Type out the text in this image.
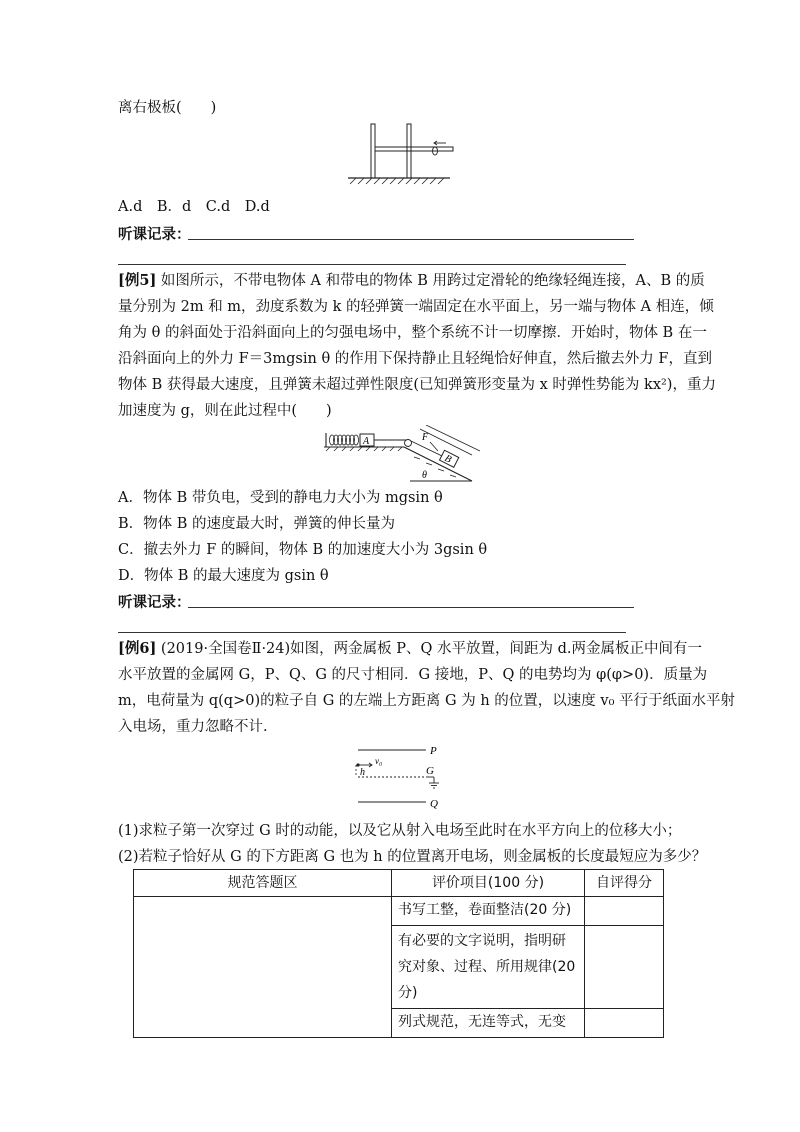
离右极板(　　)
A.d　B．d　C.d　D.d
听课记录：
[例5] 如图所示，不带电物体 A 和带电的物体 B 用跨过定滑轮的绝缘轻绳连接，A、B 的质
量分别为 2m 和 m，劲度系数为 k 的轻弹簧一端固定在水平面上，另一端与物体 A 相连，倾
角为 θ 的斜面处于沿斜面向上的匀强电场中，整个系统不计一切摩擦．开始时，物体 B 在一
沿斜面向上的外力 F＝3mgsin θ 的作用下保持静止且轻绳恰好伸直，然后撤去外力 F，直到
物体 B 获得最大速度，且弹簧未超过弹性限度(已知弹簧形变量为 x 时弹性势能为 kx²)，重力
加速度为 g，则在此过程中(　　)
A
B
F
θ
A．物体 B 带负电，受到的静电力大小为 mgsin θ
B．物体 B 的速度最大时，弹簧的伸长量为
C．撤去外力 F 的瞬间，物体 B 的加速度大小为 3gsin θ
D．物体 B 的最大速度为 gsin θ
听课记录：
[例6] (2019·全国卷Ⅱ·24)如图，两金属板 P、Q 水平放置，间距为 d.两金属板正中间有一
水平放置的金属网 G，P、Q、G 的尺寸相同．G 接地，P、Q 的电势均为 φ(φ>0)．质量为
m，电荷量为 q(q>0)的粒子自 G 的左端上方距离 G 为 h 的位置，以速度 v₀ 平行于纸面水平射
入电场，重力忽略不计.
P
v₀
h	G
Q
(1)求粒子第一次穿过 G 时的动能，以及它从射入电场至此时在水平方向上的位移大小；
(2)若粒子恰好从 G 的下方距离 G 也为 h 的位置离开电场，则金属板的长度最短应为多少？
规范答题区	评价项目(100 分)	自评得分
	书写工整，卷面整洁(20 分)	
	有必要的文字说明，指明研
究对象、过程、所用规律(20
分)	
	列式规范，无连等式，无变	
